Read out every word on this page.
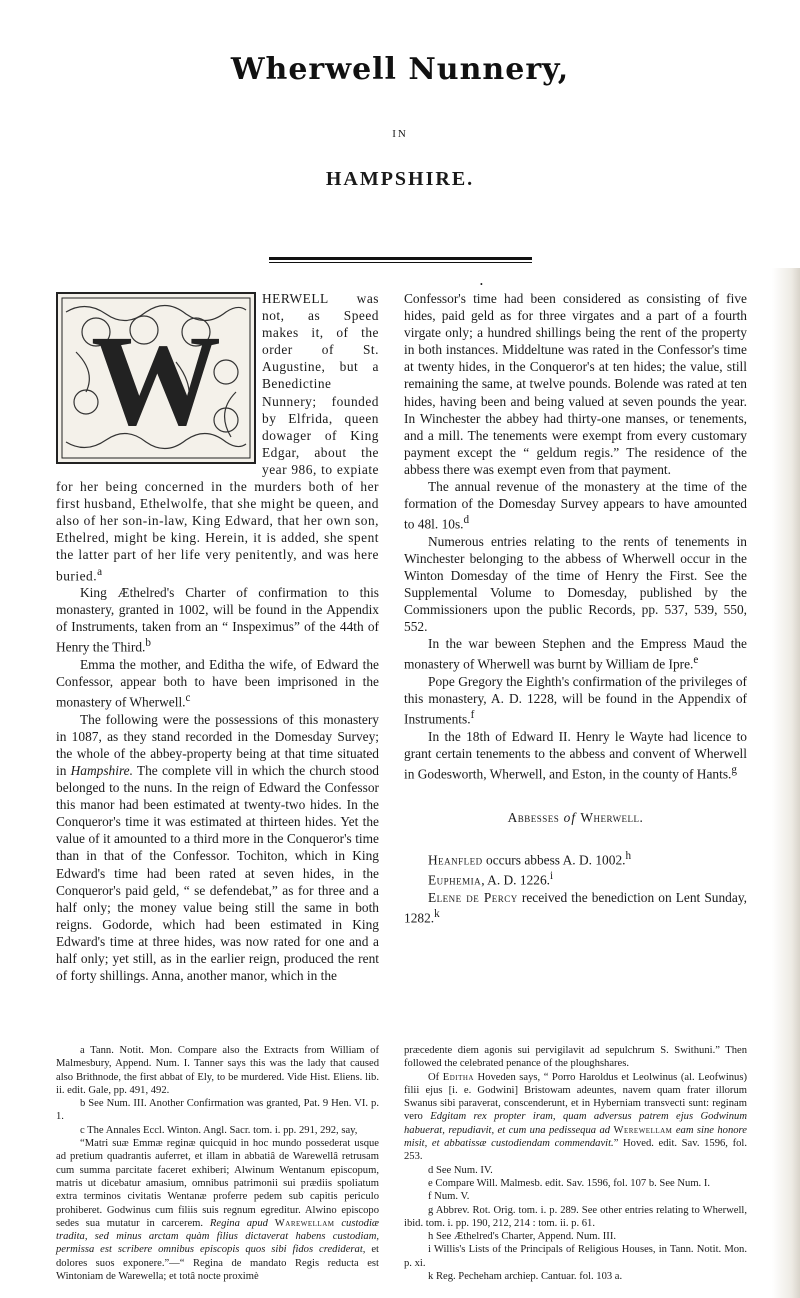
Wherwell Nunnery,
IN
HAMPSHIRE.
•
W

HERWELL was not, as Speed makes it, of the order of St. Augustine, but a Benedictine Nunnery; founded by Elfrida, queen dowager of King Edgar, about the year 986, to expiate for her being concerned in the murders both of her first husband, Ethelwolfe, that she might be queen, and also of her son-in-law, King Edward, that her own son, Ethelred, might be king. Herein, it is added, she spent the latter part of her life very penitently, and was here buried.$^a$

King Æthelred's Charter of confirmation to this monastery, granted in 1002, will be found in the Appendix of Instruments, taken from an “ Inspeximus” of the 44th of Henry the Third.$^b$

Emma the mother, and Editha the wife, of Edward the Confessor, appear both to have been imprisoned in the monastery of Wherwell.$^c$

The following were the possessions of this monastery in 1087, as they stand recorded in the Domesday Survey; the whole of the abbey-property being at that time situated in Hampshire. The complete vill in which the church stood belonged to the nuns. In the reign of Edward the Confessor this manor had been estimated at twenty-two hides. In the Conqueror's time it was estimated at thirteen hides. Yet the value of it amounted to a third more in the Conqueror's time than in that of the Confessor. Tochiton, which in King Edward's time had been rated at seven hides, in the Conqueror's paid geld, “ se defendebat,” as for three and a half only; the money value being still the same in both reigns. Godorde, which had been estimated in King Edward's time at three hides, was now rated for one and a half only; yet still, as in the earlier reign, produced the rent of forty shillings. Anna, another manor, which in the

Confessor's time had been considered as consisting of five hides, paid geld as for three virgates and a part of a fourth virgate only; a hundred shillings being the rent of the property in both instances. Middeltune was rated in the Confessor's time at twenty hides, in the Conqueror's at ten hides; the value, still remaining the same, at twelve pounds. Bolende was rated at ten hides, having been and being valued at seven pounds the year. In Winchester the abbey had thirty-one manses, or tenements, and a mill. The tenements were exempt from every customary payment except the “ geldum regis.” The residence of the abbess there was exempt even from that payment.

The annual revenue of the monastery at the time of the formation of the Domesday Survey appears to have amounted to 48l. 10s.$^d$

Numerous entries relating to the rents of tenements in Winchester belonging to the abbess of Wherwell occur in the Winton Domesday of the time of Henry the First. See the Supplemental Volume to Domesday, published by the Commissioners upon the public Records, pp. 537, 539, 550, 552.

In the war beween Stephen and the Empress Maud the monastery of Wherwell was burnt by William de Ipre.$^e$

Pope Gregory the Eighth's confirmation of the privileges of this monastery, A. D. 1228, will be found in the Appendix of Instruments.$^f$

In the 18th of Edward II. Henry le Wayte had licence to grant certain tenements to the abbess and convent of Wherwell in Godesworth, Wherwell, and Eston, in the county of Hants.$^g$

Abbesses of Wherwell.

Heanfled occurs abbess A. D. 1002.$^h$

Euphemia, A. D. 1226.$^i$

Elene de Percy received the benediction on Lent Sunday, 1282.$^k$

a Tann. Notit. Mon. Compare also the Extracts from William of Malmesbury, Append. Num. I. Tanner says this was the lady that caused also Brithnode, the first abbat of Ely, to be murdered. Vide Hist. Eliens. lib. ii. edit. Gale, pp. 491, 492.

b See Num. III. Another Confirmation was granted, Pat. 9 Hen. VI. p. 1.

c The Annales Eccl. Winton. Angl. Sacr. tom. i. pp. 291, 292, say,

“Matri suæ Emmæ reginæ quicquid in hoc mundo possederat usque ad pretium quadrantis auferret, et illam in abbatiâ de Warewellâ retrusam cum summa parcitate faceret exhiberi; Alwinum Wentanum episcopum, matris ut dicebatur amasium, omnibus patrimonii sui prædiis spoliatum extra terminos civitatis Wentanæ proferre pedem sub capitis periculo prohiberet. Godwinus cum filiis suis regnum egreditur. Alwino episcopo sedes sua mutatur in carcerem. Regina apud Warewellam custodiæ tradita, sed minus arctam quàm filius dictaverat habens custodiam, permissa est scribere omnibus episcopis quos sibi fidos crediderat, et dolores suos exponere.”—“ Regina de mandato Regis reducta est Wintoniam de Warewella; et totâ nocte proximè

præcedente diem agonis sui pervigilavit ad sepulchrum S. Swithuni.” Then followed the celebrated penance of the ploughshares.

Of Editha Hoveden says, “ Porro Haroldus et Leolwinus (al. Leofwinus) filii ejus [i. e. Godwini] Bristowam adeuntes, navem quam frater illorum Swanus sibi paraverat, conscenderunt, et in Hyberniam transvecti sunt: reginam vero Edgitam rex propter iram, quam adversus patrem ejus Godwinum habuerat, repudiavit, et cum una pedissequa ad Werewellam eam sine honore misit, et abbatissæ custodiendam commendavit.” Hoved. edit. Sav. 1596, fol. 253.

d See Num. IV.

e Compare Will. Malmesb. edit. Sav. 1596, fol. 107 b. See Num. I.

f Num. V.

g Abbrev. Rot. Orig. tom. i. p. 289. See other entries relating to Wherwell, ibid. tom. i. pp. 190, 212, 214 : tom. ii. p. 61.

h See Æthelred's Charter, Append. Num. III.

i Willis's Lists of the Principals of Religious Houses, in Tann. Notit. Mon. p. xi.

k Reg. Pecheham archiep. Cantuar. fol. 103 a.
